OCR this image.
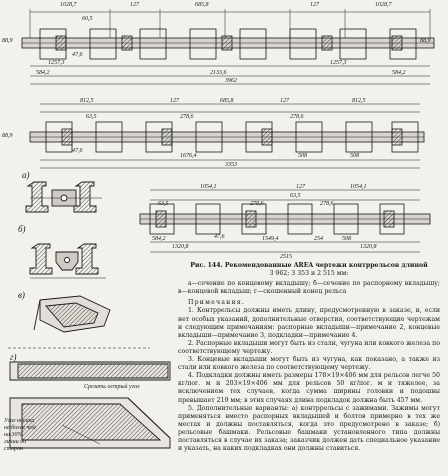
1028,7
60,5
127	685,8	127	1028,7
88,9	88,9
1257,3
47,6
2133,6
1257,3
584,2	584,2
3962
812,5	127	685,8	127	812,5
63,5	278,6	278,6
88,9
47,6
1676,4	508	508
3353
а)
1054,1	127	1054,1
63,5
63,5
278,6	278,6
1320,8
47,6	1549,4
1320,8
584,2	254	508
2515
б)
в)
Срезать острый угол
Угол носика
не более чем
на 30%
линии до
сторон
г)

Рис. 144. Рекомендованные AREA чертежи контррельсов длиной

3 962; 3 353 и 2 515 мм:

а—сечение по концевому вкладышу; б—сечение по распорному вкладышу; в—концевой вкладыш; г—скошенный конец рельса

Примечания.

1. Контррельсы должны иметь длину, предусмотренную в заказе, и, если нет особых указаний, дополнительные отверстия, соответствующие чертежам и следующим примечаниям: распорные вкладыши—примечание 2, концевые вкладыши—примечание 3, подкладки—примечание 4.

2. Распорные вкладыши могут быть из стали, чугуна или ковкого железа по соответствующему чертежу.

3. Концевые вкладыши могут быть из чугуна, как показано, а также из стали или ковкого железа по соответствующему чертежу.

4. Подкладки должны иметь размеры 178×19×406 мм для рельсов легче 50 кг/пог. м и 203×19×406 мм для рельсов 50 кг/пог. м и тяжелее, за исключением тех случаев, когда сумма ширины головки и подошвы превышает 219 мм; в этих случаях длина подкладок должна быть 457 мм.

5. Дополнительные варианты: а) контррельсы с зажимами. Зажимы могут применяться вместо распорных вкладышей и болтов примерно в тех же местах и должны поставляться, когда это предусмотрено в заказе; б) рельсовые башмаки. Рельсовые башмаки установленного типа должны поставляться в случае их заказа; заказчик должен дать специальное указание и указать, на каких подкладках они должны ставиться.
